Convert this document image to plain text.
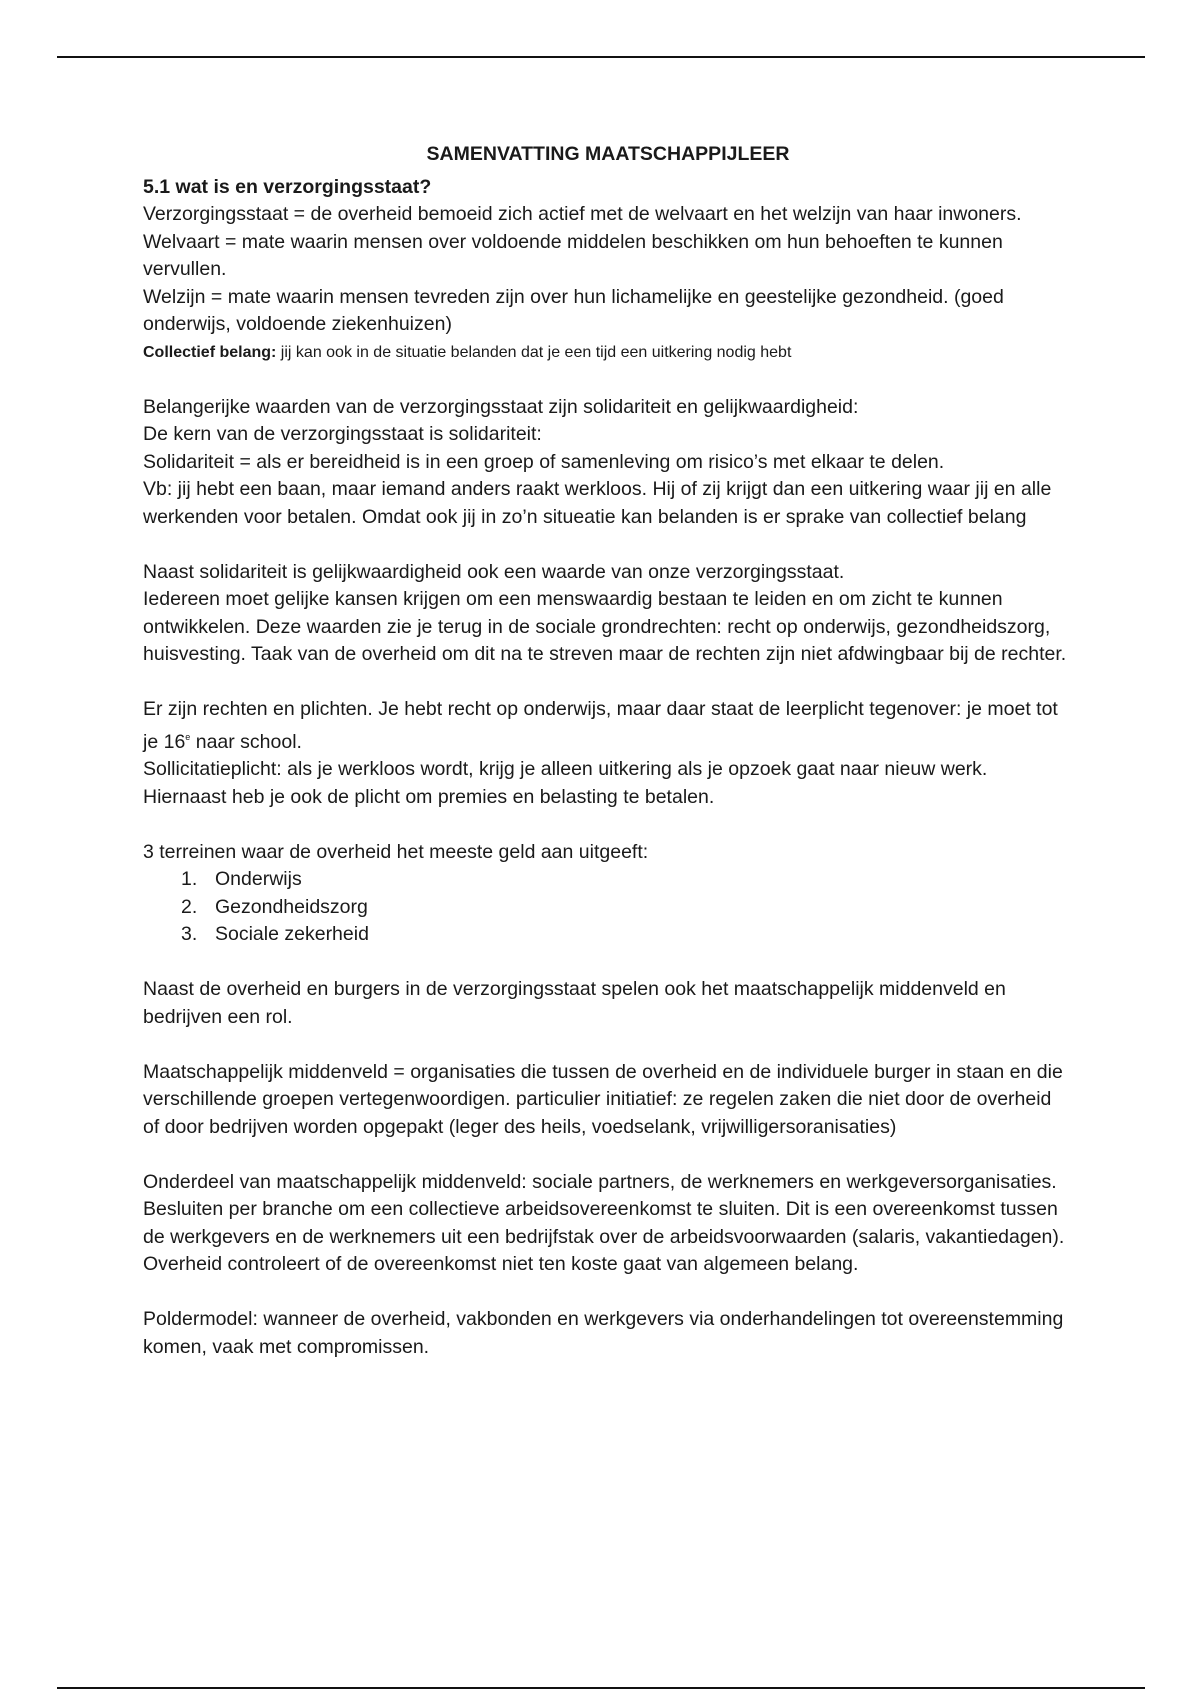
SAMENVATTING MAATSCHAPPIJLEER

5.1 wat is en verzorgingsstaat?

Verzorgingsstaat = de overheid bemoeid zich actief met de welvaart en het welzijn van haar inwoners.

Welvaart = mate waarin mensen over voldoende middelen beschikken om hun behoeften te kunnen vervullen.

Welzijn = mate waarin mensen tevreden zijn over hun lichamelijke en geestelijke gezondheid. (goed onderwijs, voldoende ziekenhuizen)

Collectief belang: jij kan ook in de situatie belanden dat je een tijd een uitkering nodig hebt

Belangerijke waarden van de verzorgingsstaat zijn solidariteit en gelijkwaardigheid:

De kern van de verzorgingsstaat is solidariteit:

Solidariteit = als er bereidheid is in een groep of samenleving om risico’s met elkaar te delen.

Vb: jij hebt een baan, maar iemand anders raakt werkloos. Hij of zij krijgt dan een uitkering waar jij en alle werkenden voor betalen. Omdat ook jij in zo’n situeatie kan belanden is er sprake van collectief belang

Naast solidariteit is gelijkwaardigheid ook een waarde van onze verzorgingsstaat.

Iedereen moet gelijke kansen krijgen om een menswaardig bestaan te leiden en om zicht te kunnen ontwikkelen. Deze waarden zie je terug in de sociale grondrechten: recht op onderwijs, gezondheidszorg, huisvesting. Taak van de overheid om dit na te streven maar de rechten zijn niet afdwingbaar bij de rechter.

Er zijn rechten en plichten. Je hebt recht op onderwijs, maar daar staat de leerplicht tegenover: je moet tot je 16e naar school.

Sollicitatieplicht: als je werkloos wordt, krijg je alleen uitkering als je opzoek gaat naar nieuw werk. Hiernaast heb je ook de plicht om premies en belasting te betalen.

3 terreinen waar de overheid het meeste geld aan uitgeeft:

1. Onderwijs
2. Gezondheidszorg
3. Sociale zekerheid

Naast de overheid en burgers in de verzorgingsstaat spelen ook het maatschappelijk middenveld en bedrijven een rol.

Maatschappelijk middenveld = organisaties die tussen de overheid en de individuele burger in staan en die verschillende groepen vertegenwoordigen. particulier initiatief: ze regelen zaken die niet door de overheid of door bedrijven worden opgepakt (leger des heils, voedselank, vrijwilligersoranisaties)

Onderdeel van maatschappelijk middenveld: sociale partners, de werknemers en werkgeversorganisaties. Besluiten per branche om een collectieve arbeidsovereenkomst te sluiten. Dit is een overeenkomst tussen de werkgevers en de werknemers uit een bedrijfstak over de arbeidsvoorwaarden (salaris, vakantiedagen). Overheid controleert of de overeenkomst niet ten koste gaat van algemeen belang.

Poldermodel: wanneer de overheid, vakbonden en werkgevers via onderhandelingen tot overeenstemming komen, vaak met compromissen.
